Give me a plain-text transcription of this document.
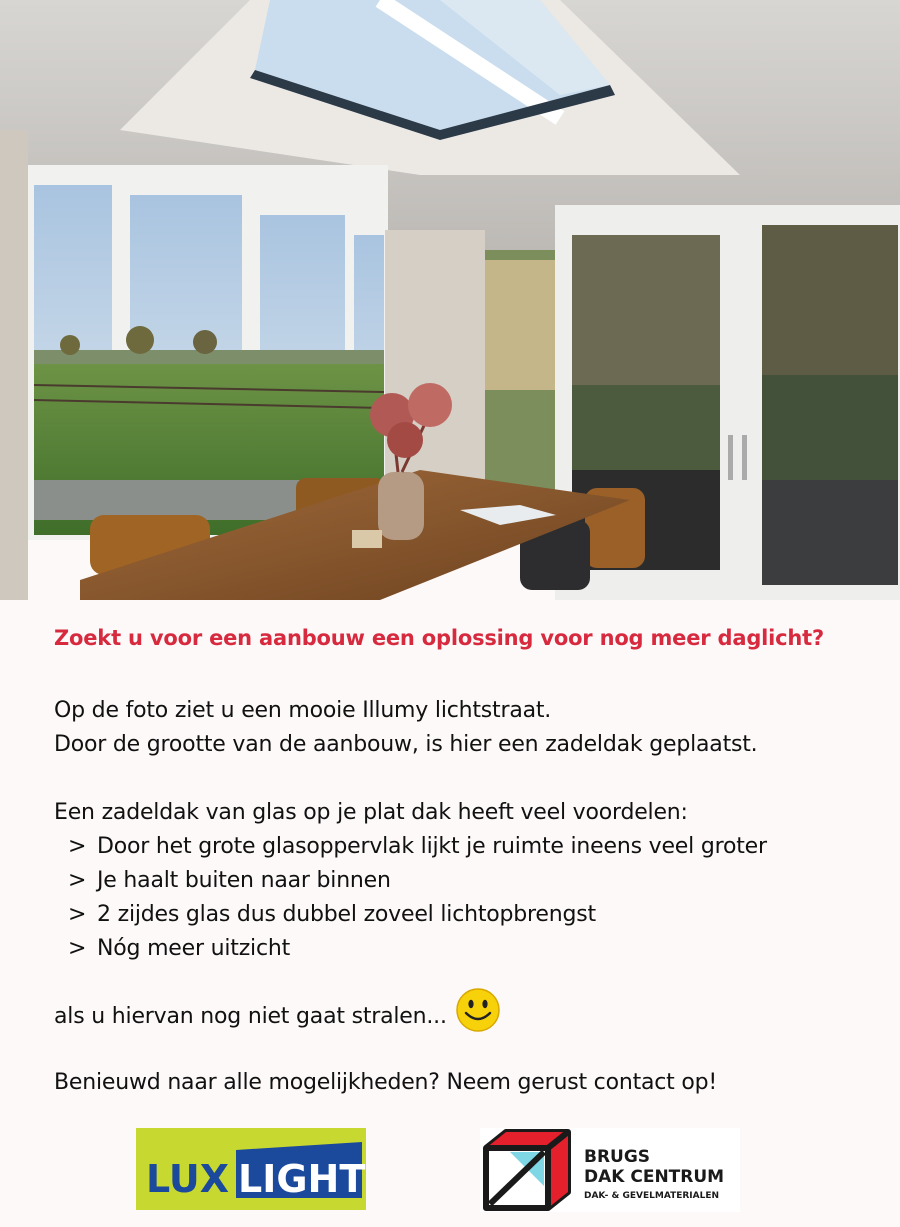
Zoekt u voor een aanbouw een oplossing voor nog meer daglicht?
Op de foto ziet u een mooie Illumy lichtstraat.
Door de grootte van de aanbouw, is hier een zadeldak geplaatst.
Een zadeldak van glas op je plat dak heeft veel voordelen:
> Door het grote glasoppervlak lijkt je ruimte ineens veel groter
> Je haalt buiten naar binnen
> 2 zijdes glas dus dubbel zoveel lichtopbrengst
> Nóg meer uitzicht
als u hiervan nog niet gaat stralen...
Benieuwd naar alle mogelijkheden? Neem gerust contact op!
LUX LIGHT	BRUGS
DAK CENTRUM
DAK- & GEVELMATERIALEN
